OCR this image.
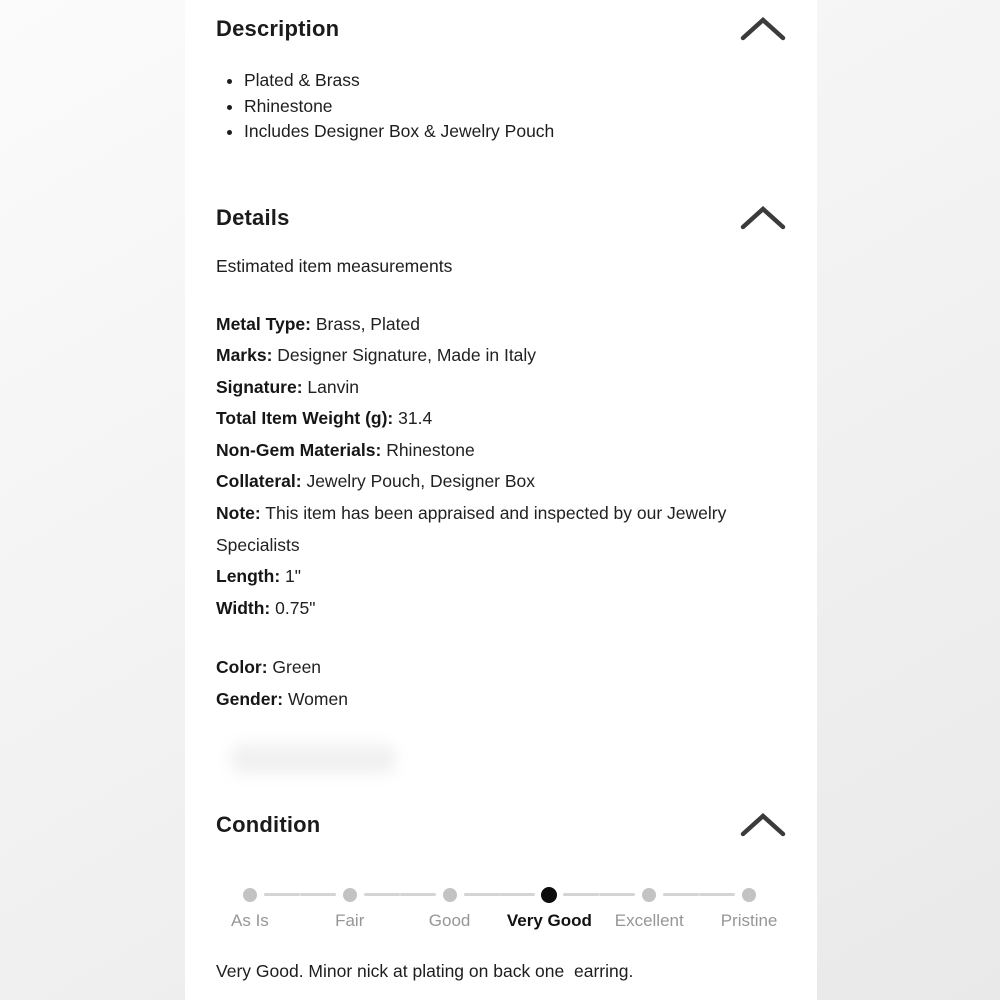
Description
• Plated & Brass
• Rhinestone
• Includes Designer Box & Jewelry Pouch
Details

Estimated item measurements

Metal Type: Brass, Plated

Marks: Designer Signature, Made in Italy

Signature: Lanvin

Total Item Weight (g): 31.4

Non-Gem Materials: Rhinestone

Collateral: Jewelry Pouch, Designer Box

Note: This item has been appraised and inspected by our Jewelry Specialists

Length: 1"

Width: 0.75"

Color: Green

Gender: Women

Condition
As Is	Fair	Good	Very Good	Excellent	Pristine

Very Good. Minor nick at plating on back one  earring.
